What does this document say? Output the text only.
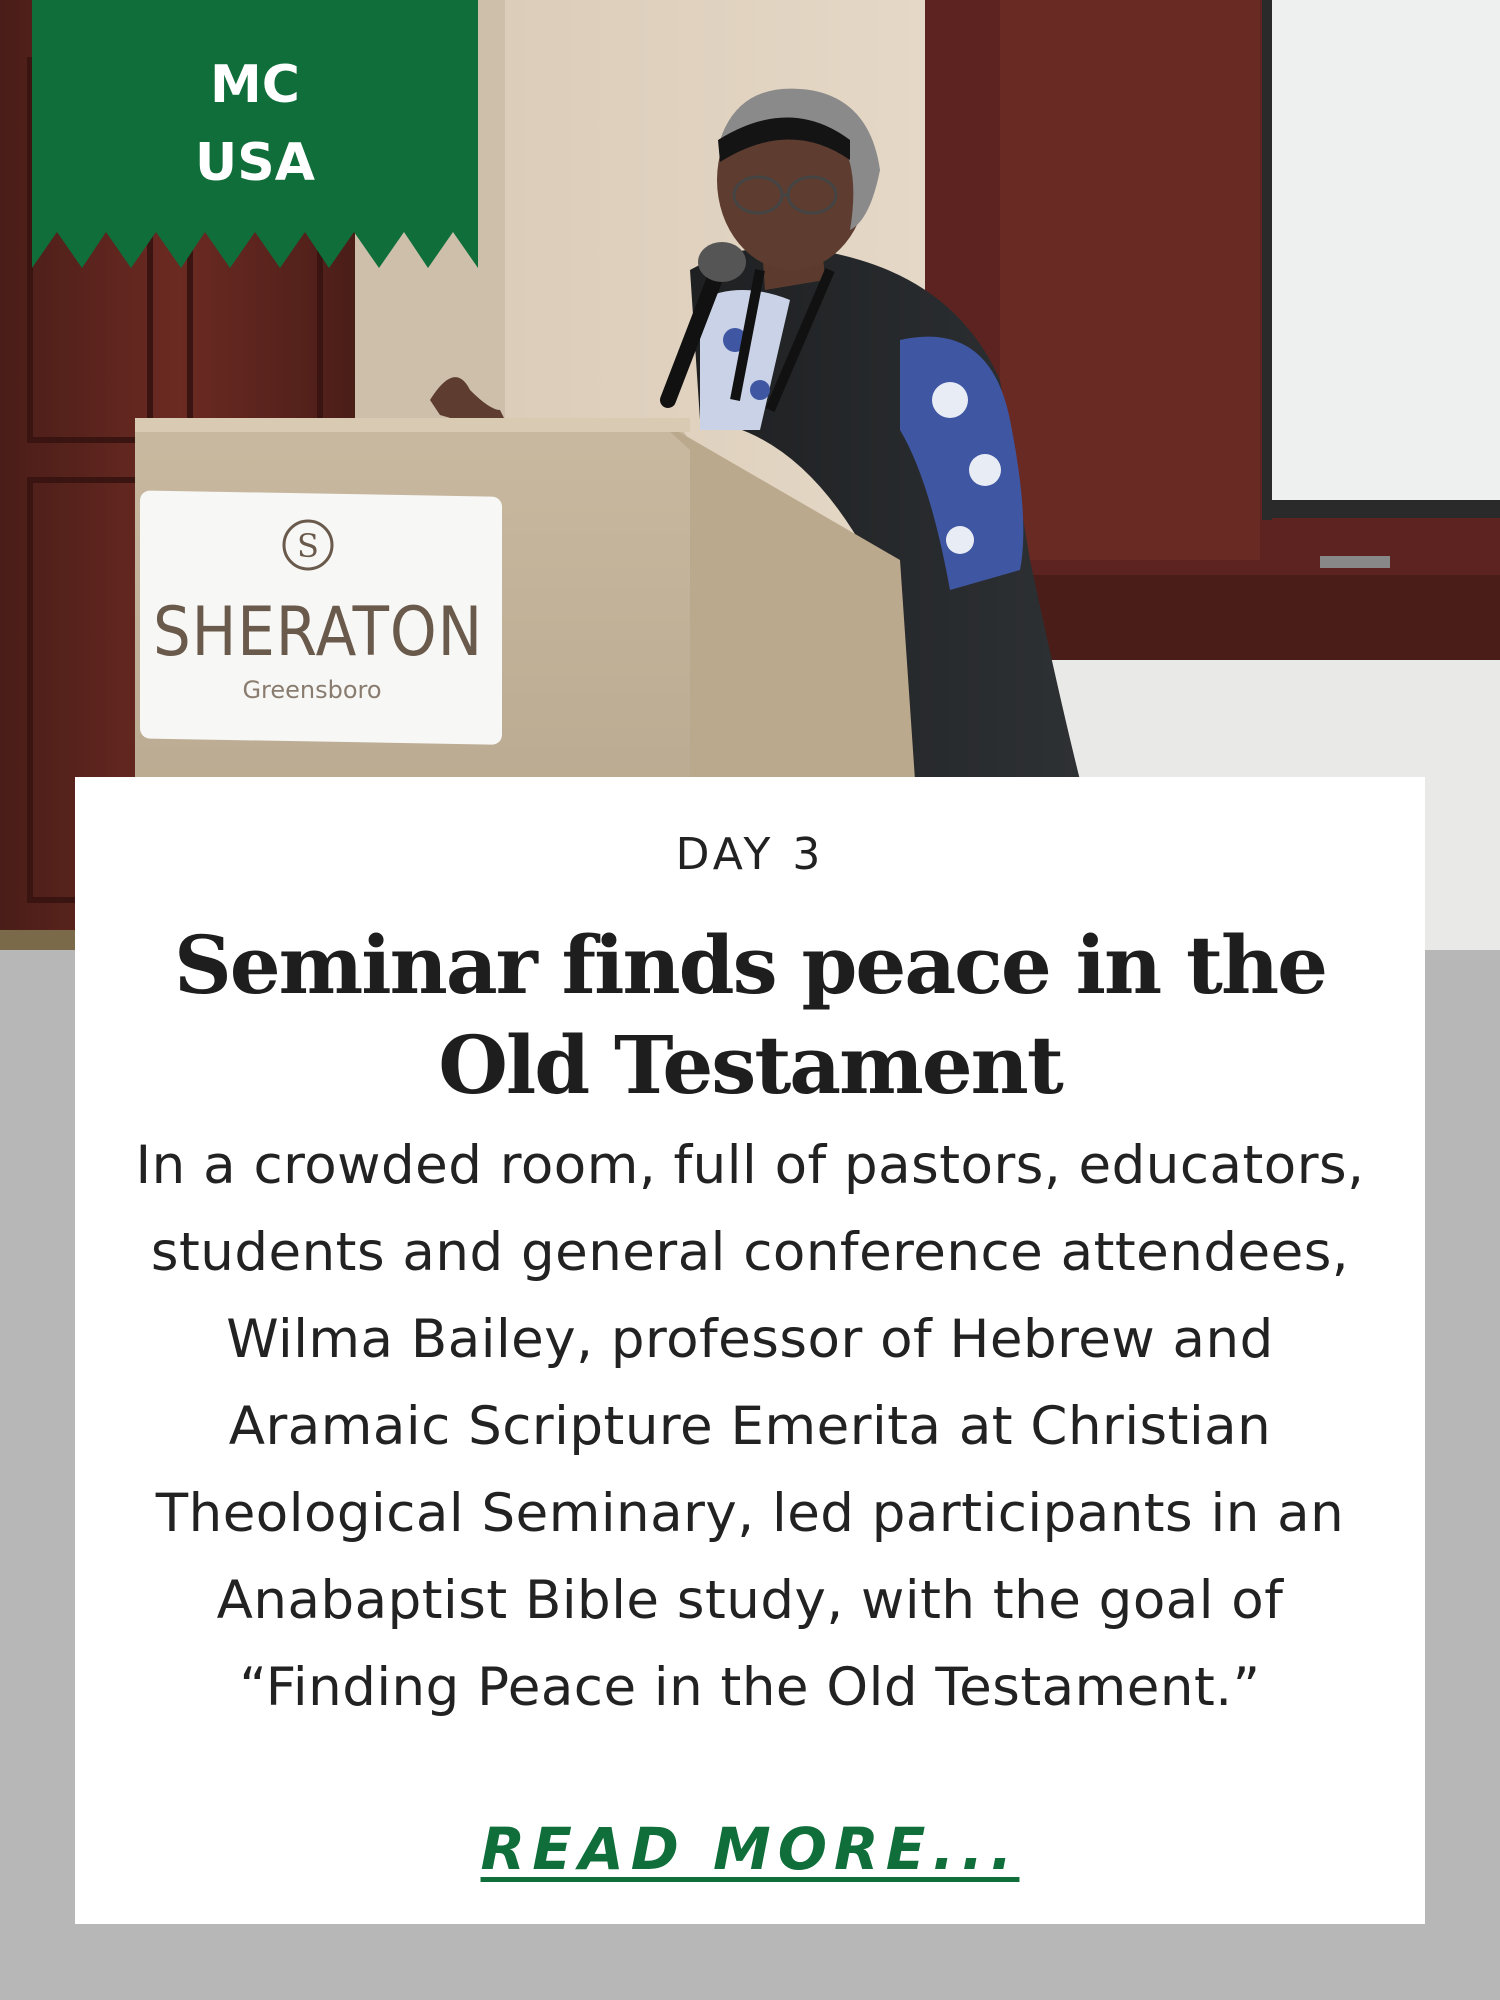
S
SHERATON
Greensboro
MC
USA
DAY 3
Seminar finds peace in the Old Testament
In a crowded room, full of pastors, educators, students and general conference attendees, Wilma Bailey, professor of Hebrew and Aramaic Scripture Emerita at Christian Theological Seminary, led participants in an Anabaptist Bible study, with the goal of “Finding Peace in the Old Testament.”
READ MORE...
